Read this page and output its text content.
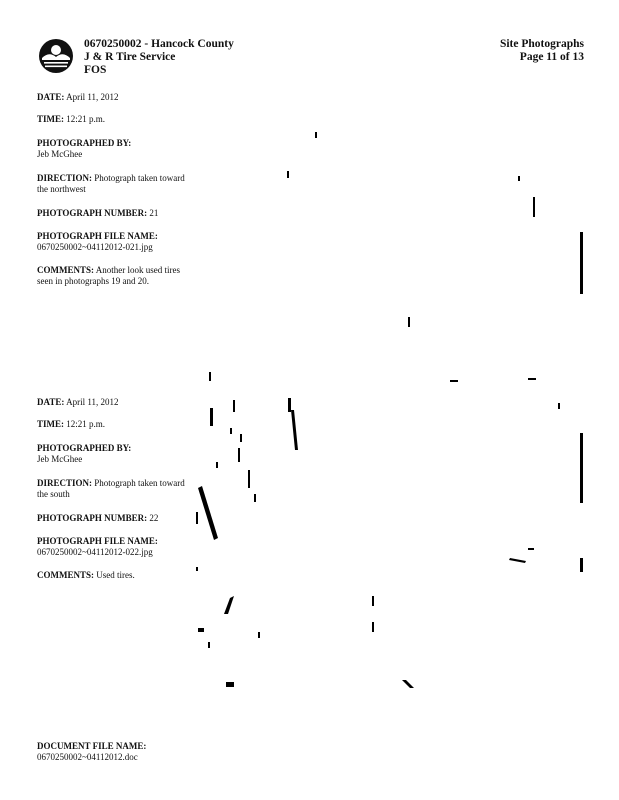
0670250002 - Hancock County
J & R Tire Service
FOS
Site Photographs
Page 11 of 13
DATE: April 11, 2012
TIME: 12:21 p.m.
PHOTOGRAPHED BY:
Jeb McGhee
DIRECTION: Photograph taken toward the northwest
PHOTOGRAPH NUMBER: 21
PHOTOGRAPH FILE NAME:
0670250002~04112012-021.jpg
COMMENTS: Another look used tires seen in photographs 19 and 20.
DATE: April 11, 2012
TIME: 12:21 p.m.
PHOTOGRAPHED BY:
Jeb McGhee
DIRECTION: Photograph taken toward the south
PHOTOGRAPH NUMBER: 22
PHOTOGRAPH FILE NAME:
0670250002~04112012-022.jpg
COMMENTS: Used tires.
DOCUMENT FILE NAME:
0670250002~04112012.doc
